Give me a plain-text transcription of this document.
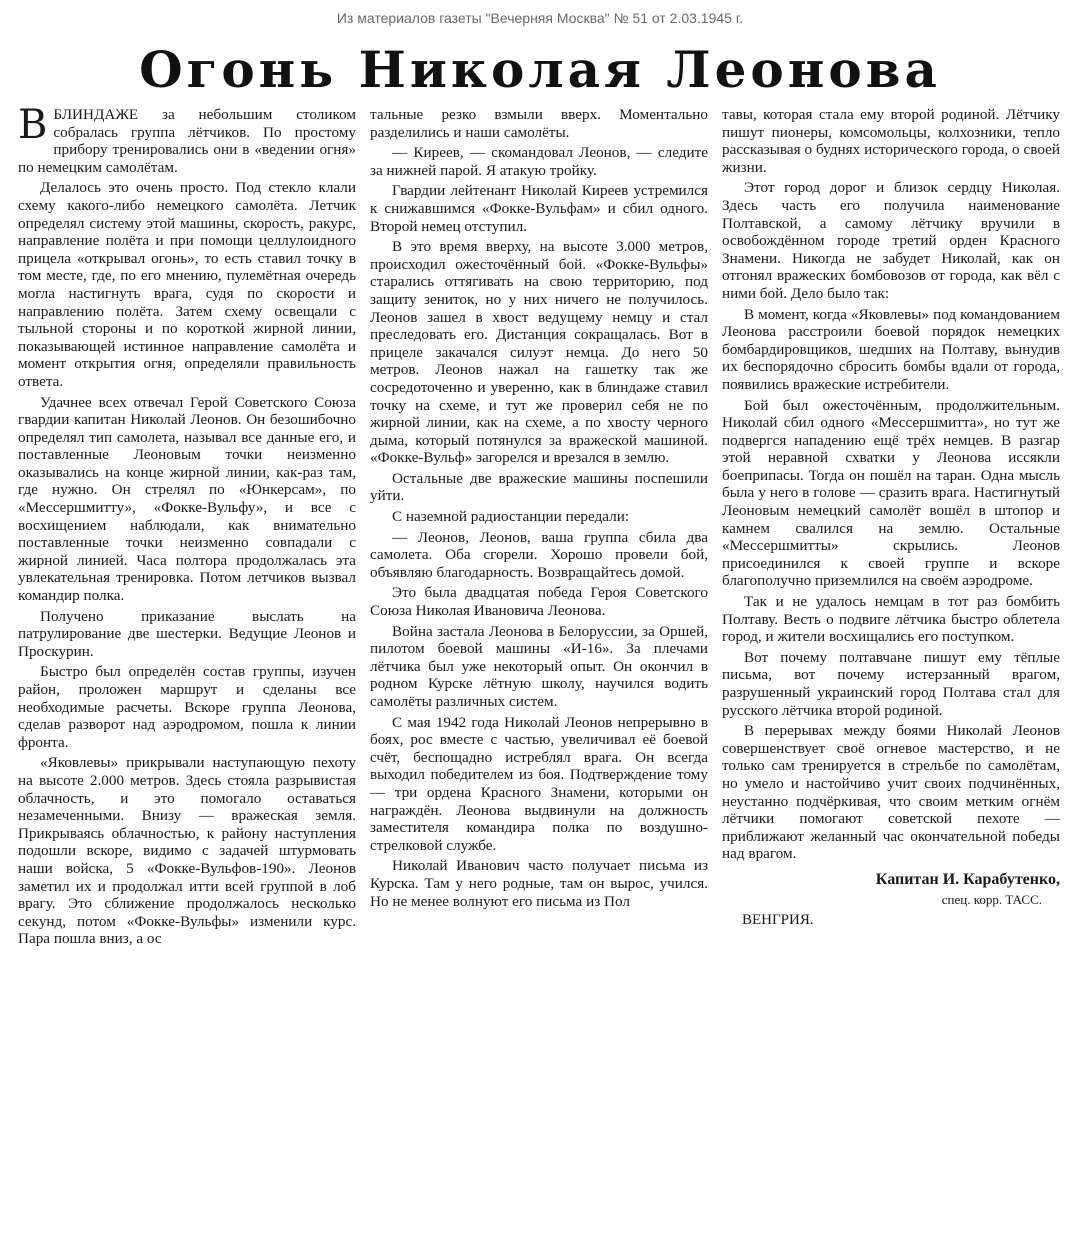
Из материалов газеты "Вечерняя Москва" № 51 от 2.03.1945 г.
Огонь Николая Леонова

ВБЛИНДАЖЕ за небольшим столиком собралась группа лётчиков. По простому прибору тренировались они в «ведении огня» по немецким самолётам.

Делалось это очень просто. Под стекло клали схему какого-либо немецкого самолёта. Летчик определял систему этой машины, скорость, ракурс, направление полёта и при помощи целлулоидного прицела «открывал огонь», то есть ставил точку в том месте, где, по его мнению, пулемётная очередь могла настигнуть врага, судя по скорости и направлению полёта. Затем схему освещали с тыльной стороны и по короткой жирной линии, показывающей истинное направление самолёта и момент открытия огня, определяли правильность ответа.

Удачнее всех отвечал Герой Советского Союза гвардии капитан Николай Леонов. Он безошибочно определял тип самолета, называл все данные его, и поставленные Леоновым точки неизменно оказывались на конце жирной линии, как-раз там, где нужно. Он стрелял по «Юнкерсам», по «Мессершмитту», «Фокке-Вульфу», и все с восхищением наблюдали, как внимательно поставленные точки неизменно совпадали с жирной линией. Часа полтора продолжалась эта увлекательная тренировка. Потом летчиков вызвал командир полка.

Получено приказание выслать на патрулирование две шестерки. Ведущие Леонов и Проскурин.

Быстро был определён состав группы, изучен район, проложен маршрут и сделаны все необходимые расчеты. Вскоре группа Леонова, сделав разворот над аэродромом, пошла к линии фронта.

«Яковлевы» прикрывали наступающую пехоту на высоте 2.000 метров. Здесь стояла разрывистая облачность, и это помогало оставаться незамеченными. Внизу — вражеская земля. Прикрываясь облачностью, к району наступления подошли вскоре, видимо с задачей штурмовать наши войска, 5 «Фокке-Вульфов-190». Леонов заметил их и продолжал итти всей группой в лоб врагу. Это сближение продолжалось несколько секунд, потом «Фокке-Вульфы» изменили курс. Пара пошла вниз, а ос

тальные резко взмыли вверх. Моментально разделились и наши самолёты.

— Киреев, — скомандовал Леонов, — следите за нижней парой. Я атакую тройку.

Гвардии лейтенант Николай Киреев устремился к снижавшимся «Фокке-Вульфам» и сбил одного. Второй немец отступил.

В это время вверху, на высоте 3.000 метров, происходил ожесточённый бой. «Фокке-Вульфы» старались оттягивать на свою территорию, под защиту зениток, но у них ничего не получилось. Леонов зашел в хвост ведущему немцу и стал преследовать его. Дистанция сокращалась. Вот в прицеле закачался силуэт немца. До него 50 метров. Леонов нажал на гашетку так же сосредоточенно и уверенно, как в блиндаже ставил точку на схеме, и тут же проверил себя не по жирной линии, как на схеме, а по хвосту черного дыма, который потянулся за вражеской машиной. «Фокке-Вульф» загорелся и врезался в землю.

Остальные две вражеские машины поспешили уйти.

С наземной радиостанции передали:

— Леонов, Леонов, ваша группа сбила два самолета. Оба сгорели. Хорошо провели бой, объявляю благодарность. Возвращайтесь домой.

Это была двадцатая победа Героя Советского Союза Николая Ивановича Леонова.

Война застала Леонова в Белоруссии, за Оршей, пилотом боевой машины «И-16». За плечами лётчика был уже некоторый опыт. Он окончил в родном Курске лётную школу, научился водить самолёты различных систем.

С мая 1942 года Николай Леонов непрерывно в боях, рос вместе с частью, увеличивал её боевой счёт, беспощадно истреблял врага. Он всегда выходил победителем из боя. Подтверждение тому — три ордена Красного Знамени, которыми он награждён. Леонова выдвинули на должность заместителя командира полка по воздушно-стрелковой службе.

Николай Иванович часто получает письма из Курска. Там у него родные, там он вырос, учился. Но не менее волнуют его письма из Пол

тавы, которая стала ему второй родиной. Лётчику пишут пионеры, комсомольцы, колхозники, тепло рассказывая о буднях исторического города, о своей жизни.

Этот город дорог и близок сердцу Николая. Здесь часть его получила наименование Полтавской, а самому лётчику вручили в освобождённом городе третий орден Красного Знамени. Никогда не забудет Николай, как он отгонял вражеских бомбовозов от города, как вёл с ними бой. Дело было так:

В момент, когда «Яковлевы» под командованием Леонова расстроили боевой порядок немецких бомбардировщиков, шедших на Полтаву, вынудив их беспорядочно сбросить бомбы вдали от города, появились вражеские истребители.

Бой был ожесточённым, продолжительным. Николай сбил одного «Мессершмитта», но тут же подвергся нападению ещё трёх немцев. В разгар этой неравной схватки у Леонова иссякли боеприпасы. Тогда он пошёл на таран. Одна мысль была у него в голове — сразить врага. Настигнутый Леоновым немецкий самолёт вошёл в штопор и камнем свалился на землю. Остальные «Мессершмитты» скрылись. Леонов присоединился к своей группе и вскоре благополучно приземлился на своём аэродроме.

Так и не удалось немцам в тот раз бомбить Полтаву. Весть о подвиге лётчика быстро облетела город, и жители восхищались его поступком.

Вот почему полтавчане пишут ему тёплые письма, вот почему истерзанный врагом, разрушенный украинский город Полтава стал для русского лётчика второй родиной.

В перерывах между боями Николай Леонов совершенствует своё огневое мастерство, и не только сам тренируется в стрельбе по самолётам, но умело и настойчиво учит своих подчинённых, неустанно подчёркивая, что своим метким огнём лётчики помогают советской пехоте — приближают желанный час окончательной победы над врагом.

Капитан И. Карабутенко,
спец. корр. ТАСС.
ВЕНГРИЯ.
